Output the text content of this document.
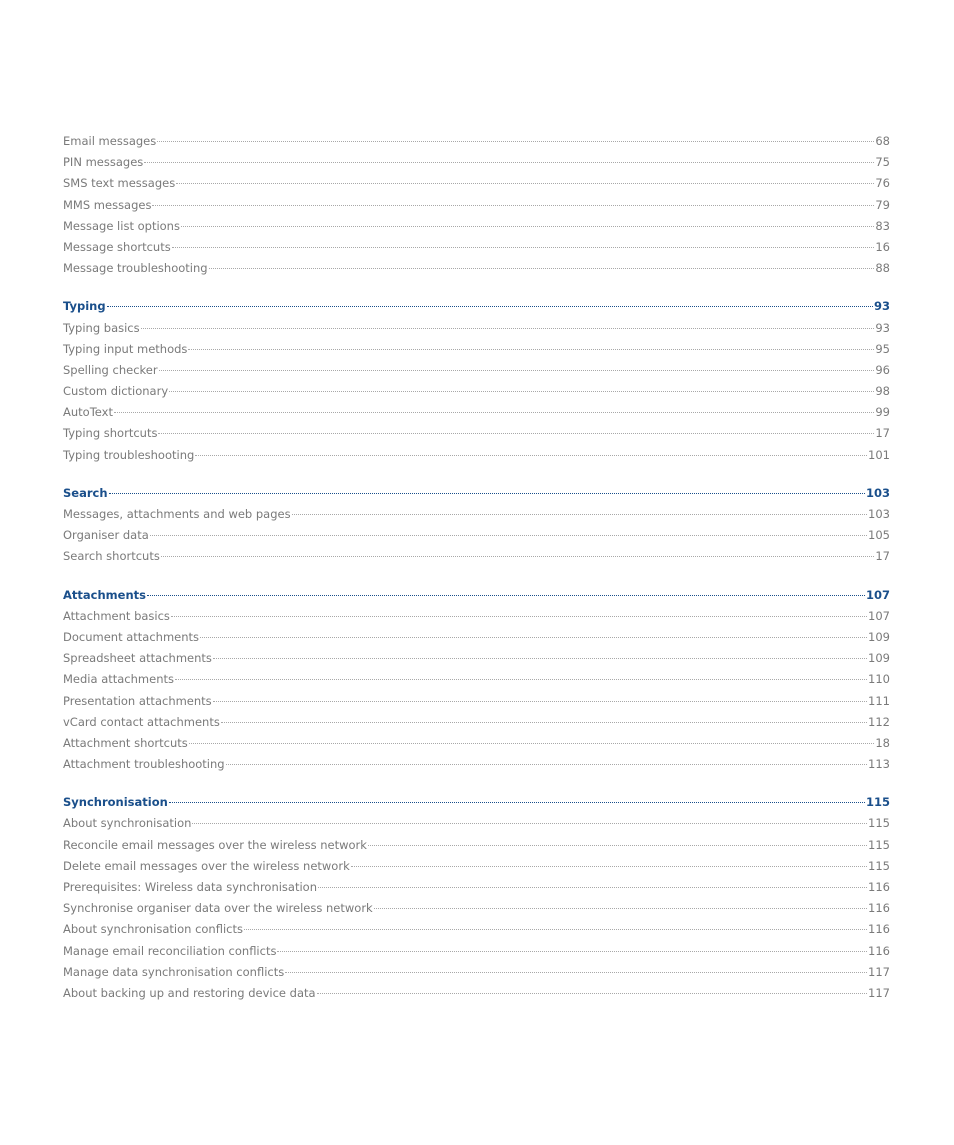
Email messages	68
PIN messages	75
SMS text messages	76
MMS messages	79
Message list options	83
Message shortcuts	16
Message troubleshooting	88
Typing	93
Typing basics	93
Typing input methods	95
Spelling checker	96
Custom dictionary	98
AutoText	99
Typing shortcuts	17
Typing troubleshooting	101
Search	103
Messages, attachments and web pages	103
Organiser data	105
Search shortcuts	17
Attachments	107
Attachment basics	107
Document attachments	109
Spreadsheet attachments	109
Media attachments	110
Presentation attachments	111
vCard contact attachments	112
Attachment shortcuts	18
Attachment troubleshooting	113
Synchronisation	115
About synchronisation	115
Reconcile email messages over the wireless network	115
Delete email messages over the wireless network	115
Prerequisites: Wireless data synchronisation	116
Synchronise organiser data over the wireless network	116
About synchronisation conflicts	116
Manage email reconciliation conflicts	116
Manage data synchronisation conflicts	117
About backing up and restoring device data	117
